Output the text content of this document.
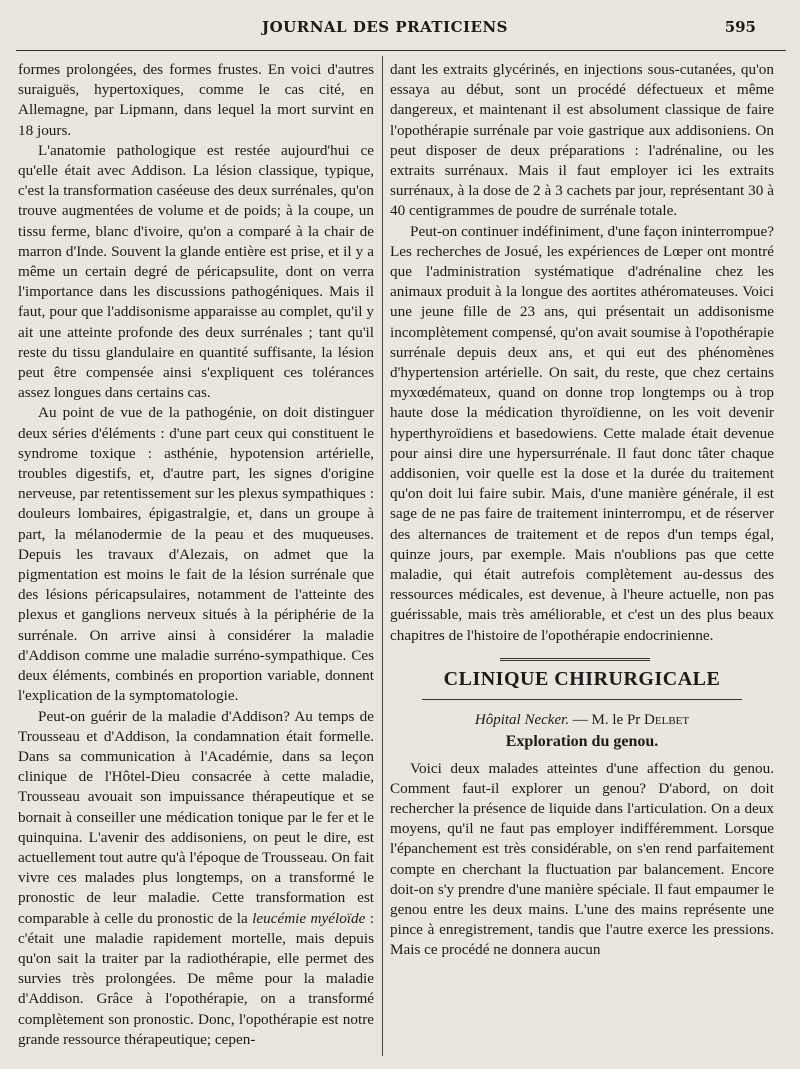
JOURNAL DES PRATICIENS	595

formes prolongées, des formes frustes. En voici d'autres suraiguës, hypertoxiques, comme le cas cité, en Allemagne, par Lipmann, dans lequel la mort survint en 18 jours.

L'anatomie pathologique est restée aujourd'hui ce qu'elle était avec Addison. La lésion classique, typique, c'est la transformation caséeuse des deux surrénales, qu'on trouve augmentées de volume et de poids; à la coupe, un tissu ferme, blanc d'ivoire, qu'on a comparé à la chair de marron d'Inde. Souvent la glande entière est prise, et il y a même un certain degré de péricapsulite, dont on verra l'importance dans les discussions pathogéniques. Mais il faut, pour que l'addisonisme apparaisse au complet, qu'il y ait une atteinte profonde des deux surrénales ; tant qu'il reste du tissu glandulaire en quantité suffisante, la lésion peut être compensée ainsi s'expliquent ces tolérances assez longues dans certains cas.

Au point de vue de la pathogénie, on doit distinguer deux séries d'éléments : d'une part ceux qui constituent le syndrome toxique : asthénie, hypotension artérielle, troubles digestifs, et, d'autre part, les signes d'origine nerveuse, par retentissement sur les plexus sympathiques : douleurs lombaires, épigastralgie, et, dans un groupe à part, la mélanodermie de la peau et des muqueuses. Depuis les travaux d'Alezais, on admet que la pigmentation est moins le fait de la lésion surrénale que des lésions péricapsulaires, notamment de l'atteinte des plexus et ganglions nerveux situés à la périphérie de la surrénale. On arrive ainsi à considérer la maladie d'Addison comme une maladie surréno-sympathique. Ces deux éléments, combinés en proportion variable, donnent l'explication de la symptomatologie.

Peut-on guérir de la maladie d'Addison? Au temps de Trousseau et d'Addison, la condamnation était formelle. Dans sa communication à l'Académie, dans sa leçon clinique de l'Hôtel-Dieu consacrée à cette maladie, Trousseau avouait son impuissance thérapeutique et se bornait à conseiller une médication tonique par le fer et le quinquina. L'avenir des addisoniens, on peut le dire, est actuellement tout autre qu'à l'époque de Trousseau. On fait vivre ces malades plus longtemps, on a transformé le pronostic de leur maladie. Cette transformation est comparable à celle du pronostic de la leucémie myéloïde : c'était une maladie rapidement mortelle, mais depuis qu'on sait la traiter par la radiothérapie, elle permet des survies très prolongées. De même pour la maladie d'Addison. Grâce à l'opothérapie, on a transformé complètement son pronostic. Donc, l'opothérapie est notre grande ressource thérapeutique; cepen-

dant les extraits glycérinés, en injections sous-cutanées, qu'on essaya au début, sont un procédé défectueux et même dangereux, et maintenant il est absolument classique de faire l'opothérapie surrénale par voie gastrique aux addisoniens. On peut disposer de deux préparations : l'adrénaline, ou les extraits surrénaux. Mais il faut employer ici les extraits surrénaux, à la dose de 2 à 3 cachets par jour, représentant 30 à 40 centigrammes de poudre de surrénale totale.

Peut-on continuer indéfiniment, d'une façon ininterrompue? Les recherches de Josué, les expériences de Lœper ont montré que l'administration systématique d'adrénaline chez les animaux produit à la longue des aortites athéromateuses. Voici une jeune fille de 23 ans, qui présentait un addisonisme incomplètement compensé, qu'on avait soumise à l'opothérapie surrénale depuis deux ans, et qui eut des phénomènes d'hypertension artérielle. On sait, du reste, que chez certains myxœdémateux, quand on donne trop longtemps ou à trop haute dose la médication thyroïdienne, on les voit devenir hyperthyroïdiens et basedowiens. Cette malade était devenue pour ainsi dire une hypersurrénale. Il faut donc tâter chaque addisonien, voir quelle est la dose et la durée du traitement qu'on doit lui faire subir. Mais, d'une manière générale, il est sage de ne pas faire de traitement ininterrompu, et de réserver des alternances de traitement et de repos d'un temps égal, quinze jours, par exemple. Mais n'oublions pas que cette maladie, qui était autrefois complètement au-dessus des ressources médicales, est devenue, à l'heure actuelle, non pas guérissable, mais très améliorable, et c'est un des plus beaux chapitres de l'histoire de l'opothérapie endocrinienne.

CLINIQUE CHIRURGICALE
Hôpital Necker. — M. le Pr Delbet
Exploration du genou.

Voici deux malades atteintes d'une affection du genou. Comment faut-il explorer un genou? D'abord, on doit rechercher la présence de liquide dans l'articulation. On a deux moyens, qu'il ne faut pas employer indifféremment. Lorsque l'épanchement est très considérable, on s'en rend parfaitement compte en cherchant la fluctuation par balancement. Encore doit-on s'y prendre d'une manière spéciale. Il faut empaumer le genou entre les deux mains. L'une des mains représente une pince à enregistrement, tandis que l'autre exerce les pressions. Mais ce procédé ne donnera aucun
